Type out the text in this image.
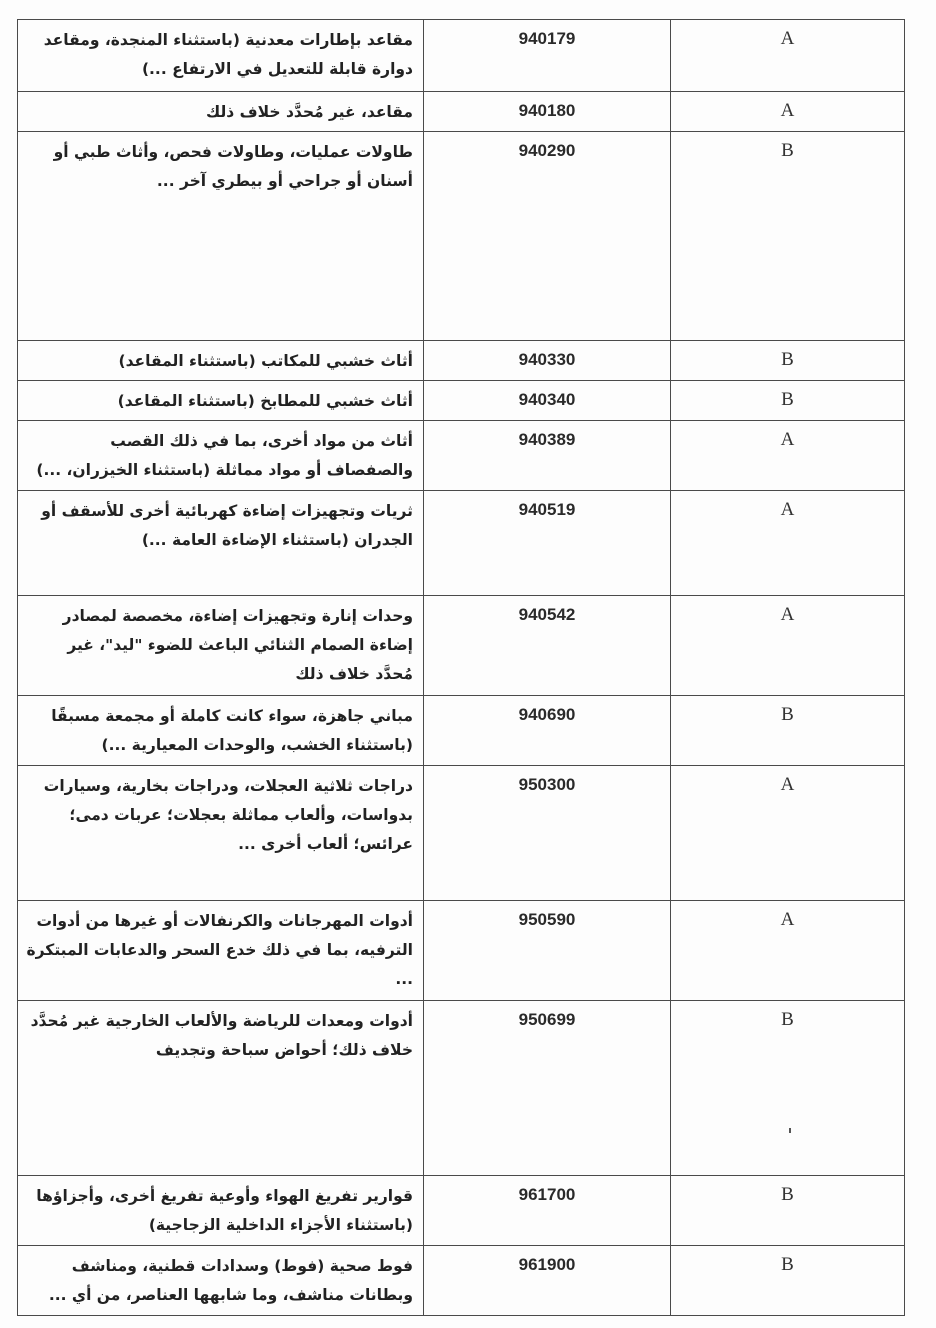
مقاعد بإطارات معدنية (باستثناء المنجدة، ومقاعد دوارة قابلة للتعديل في الارتفاع ...)	940179	A
مقاعد، غير مُحدَّد خلاف ذلك	940180	A
طاولات عمليات، وطاولات فحص، وأثاث طبي أو أسنان أو جراحي أو بيطري آخر ...	940290	B
أثاث خشبي للمكاتب (باستثناء المقاعد)	940330	B
أثاث خشبي للمطابخ (باستثناء المقاعد)	940340	B
أثاث من مواد أخرى، بما في ذلك القصب والصفصاف أو مواد مماثلة (باستثناء الخيزران، ...)	940389	A
ثريات وتجهيزات إضاءة كهربائية أخرى للأسقف أو الجدران (باستثناء الإضاءة العامة ...)	940519	A
وحدات إنارة وتجهيزات إضاءة، مخصصة لمصادر إضاءة الصمام الثنائي الباعث للضوء "ليد"، غير مُحدَّد خلاف ذلك	940542	A
مباني جاهزة، سواء كانت كاملة أو مجمعة مسبقًا (باستثناء الخشب، والوحدات المعيارية ...)	940690	B
دراجات ثلاثية العجلات، ودراجات بخارية، وسيارات بدواسات، وألعاب مماثلة بعجلات؛ عربات دمى؛ عرائس؛ ألعاب أخرى ...	950300	A
أدوات المهرجانات والكرنفالات أو غيرها من أدوات الترفيه، بما في ذلك خدع السحر والدعابات المبتكرة ...	950590	A
أدوات ومعدات للرياضة والألعاب الخارجية غير مُحدَّد خلاف ذلك؛ أحواض سباحة وتجديف	950699	B
قوارير تفريغ الهواء وأوعية تفريغ أخرى، وأجزاؤها (باستثناء الأجزاء الداخلية الزجاجية)	961700	B
فوط صحية (فوط) وسدادات قطنية، ومناشف وبطانات مناشف، وما شابهها العناصر، من أي ...	961900	B
